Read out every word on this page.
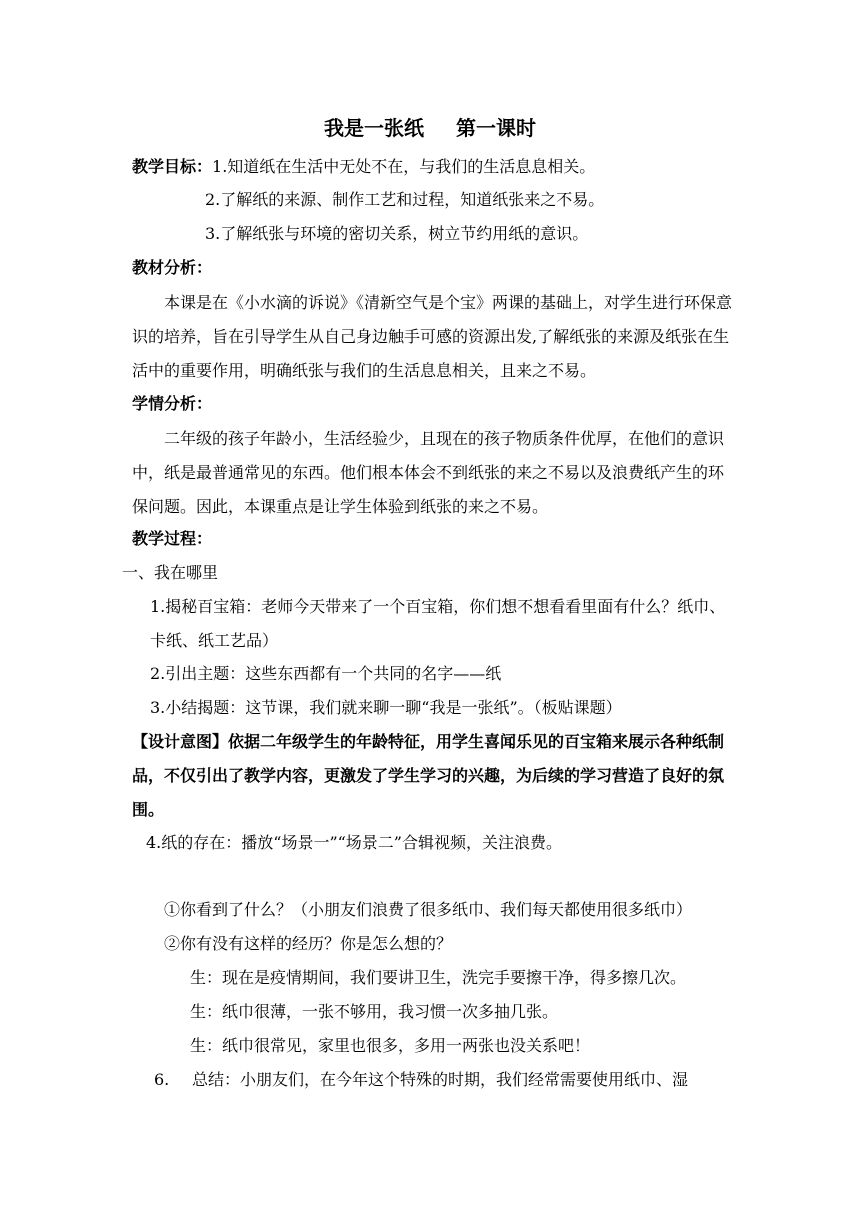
我是一张纸 第一课时
教学目标：1.知道纸在生活中无处不在，与我们的生活息息相关。
2.了解纸的来源、制作工艺和过程，知道纸张来之不易。
3.了解纸张与环境的密切关系，树立节约用纸的意识。
教材分析：
本课是在《小水滴的诉说》《清新空气是个宝》两课的基础上，对学生进行环保意识的培养，旨在引导学生从自己身边触手可感的资源出发,了解纸张的来源及纸张在生活中的重要作用，明确纸张与我们的生活息息相关，且来之不易。
学情分析：
二年级的孩子年龄小，生活经验少，且现在的孩子物质条件优厚，在他们的意识中，纸是最普通常见的东西。他们根本体会不到纸张的来之不易以及浪费纸产生的环保问题。因此，本课重点是让学生体验到纸张的来之不易。
教学过程：
一、我在哪里
1.揭秘百宝箱：老师今天带来了一个百宝箱，你们想不想看看里面有什么？纸巾、卡纸、纸工艺品）
2.引出主题：这些东西都有一个共同的名字——纸
3.小结揭题：这节课，我们就来聊一聊“我是一张纸”。（板贴课题）
【设计意图】依据二年级学生的年龄特征，用学生喜闻乐见的百宝箱来展示各种纸制品，不仅引出了教学内容，更激发了学生学习的兴趣，为后续的学习营造了良好的氛围。
4.纸的存在：播放“场景一”“场景二”合辑视频，关注浪费。
①你看到了什么？（小朋友们浪费了很多纸巾、我们每天都使用很多纸巾）
②你有没有这样的经历？你是怎么想的？
生：现在是疫情期间，我们要讲卫生，洗完手要擦干净，得多擦几次。
生：纸巾很薄，一张不够用，我习惯一次多抽几张。
生：纸巾很常见，家里也很多，多用一两张也没关系吧！
6. 总结：小朋友们，在今年这个特殊的时期，我们经常需要使用纸巾、湿
